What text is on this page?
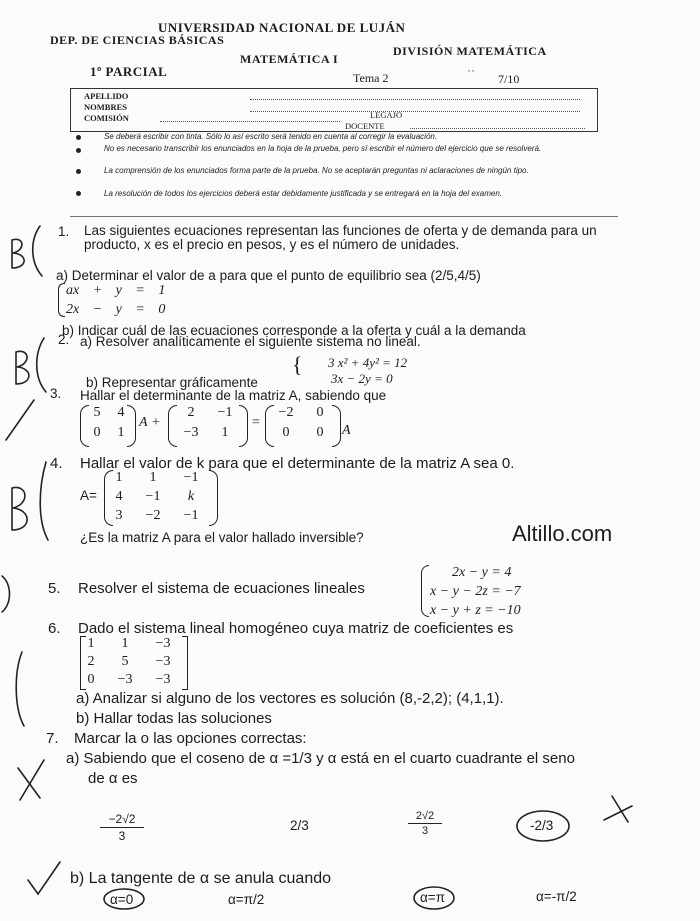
UNIVERSIDAD NACIONAL DE LUJÁN
DEP. DE CIENCIAS BÁSICAS
DIVISIÓN MATEMÁTICA
MATEMÁTICA I
1º PARCIAL	Tema 2	˙˙ 7/10
APELLIDO
NOMBRES
COMISIÓN	LEGAJO
DOCENTE
Se deberá escribir con tinta. Sólo lo así escrito será tenido en cuenta al corregir la evaluación.
No es necesario transcribir los enunciados en la hoja de la prueba, pero sí escribir el número del ejercicio que se resolverá.
La comprensión de los enunciados forma parte de la prueba. No se aceptarán preguntas ni aclaraciones de ningún tipo.
La resolución de todos los ejercicios deberá estar debidamente justificada y se entregará en la hoja del examen.
1. Las siguientes ecuaciones representan las funciones de oferta y de demanda para un producto, x es el precio en pesos, y es el número de unidades.
a) Determinar el valor de a para que el punto de equilibrio sea (2/5,4/5)
ax + y = 1
2x − y = 0
b) Indicar cuál de las ecuaciones corresponde a la oferta y cuál a la demanda
2. a) Resolver analíticamente el siguiente sistema no lineal.
{ 3 x² + 4y² = 12
3x − 2y = 0
b) Representar gráficamente
3. Hallar el determinante de la matriz A, sabiendo que
5	4
0	1
A +
2	−1
−3	1
=
−2	0
0	0	A
4. Hallar el valor de k para que el determinante de la matriz A sea 0.
A=
1	1	−1
4	−1	k
3	−2 −1
¿Es la matriz A para el valor hallado inversible?	Altillo.com
5. Resolver el sistema de ecuaciones lineales
2x − y = 4
x − y − 2z = −7
x − y + z = −10
6. Dado el sistema lineal homogéneo cuya matriz de coeficientes es
1	1	−3
2	5	−3
0	−3 −3
a) Analizar si alguno de los vectores es solución (8,-2,2); (4,1,1).
b) Hallar todas las soluciones
7. Marcar la o las opciones correctas:
a) Sabiendo que el coseno de α =1/3 y α está en el cuarto cuadrante el seno
de α es
−2√2
3
2/3
2√2
3	-2/3
b) La tangente de α se anula cuando
α=0	α=π/2	α=π	α=-π/2
